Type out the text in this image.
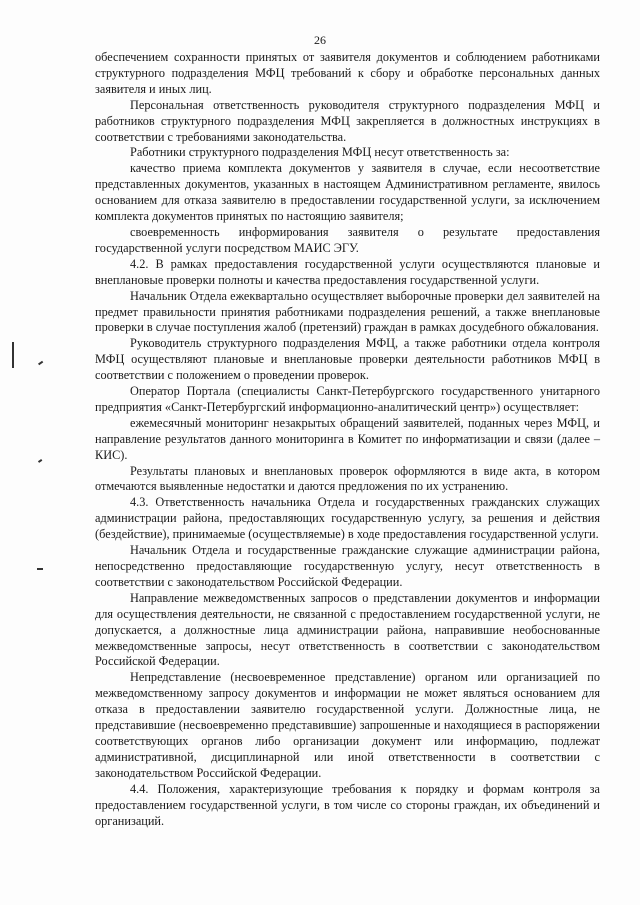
26

обеспечением сохранности принятых от заявителя документов и соблюдением работниками структурного подразделения МФЦ требований к сбору и обработке персональных данных заявителя и иных лиц.

Персональная ответственность руководителя структурного подразделения МФЦ и работников структурного подразделения МФЦ закрепляется в должностных инструкциях в соответствии с требованиями законодательства.

Работники структурного подразделения МФЦ несут ответственность за:

качество приема комплекта документов у заявителя в случае, если несоответствие представленных документов, указанных в настоящем Административном регламенте, явилось основанием для отказа заявителю в предоставлении государственной услуги, за исключением комплекта документов принятых по настоящию заявителя;

своевременность информирования заявителя о результате предоставления государственной услуги посредством МАИС ЭГУ.

4.2. В рамках предоставления государственной услуги осуществляются плановые и внеплановые проверки полноты и качества предоставления государственной услуги.

Начальник Отдела ежеквартально осуществляет выборочные проверки дел заявителей на предмет правильности принятия работниками подразделения решений, а также внеплановые проверки в случае поступления жалоб (претензий) граждан в рамках досудебного обжалования.

Руководитель структурного подразделения МФЦ, а также работники отдела контроля МФЦ осуществляют плановые и внеплановые проверки деятельности работников МФЦ в соответствии с положением о проведении проверок.

Оператор Портала (специалисты Санкт-Петербургского государственного унитарного предприятия «Санкт-Петербургский информационно-аналитический центр») осуществляет:

ежемесячный мониторинг незакрытых обращений заявителей, поданных через МФЦ, и направление результатов данного мониторинга в Комитет по информатизации и связи (далее – КИС).

Результаты плановых и внеплановых проверок оформляются в виде акта, в котором отмечаются выявленные недостатки и даются предложения по их устранению.

4.3. Ответственность начальника Отдела и государственных гражданских служащих администрации района, предоставляющих государственную услугу, за решения и действия (бездействие), принимаемые (осуществляемые) в ходе предоставления государственной услуги.

Начальник Отдела и государственные гражданские служащие администрации района, непосредственно предоставляющие государственную услугу, несут ответственность в соответствии с законодательством Российской Федерации.

Направление межведомственных запросов о представлении документов и информации для осуществления деятельности, не связанной с предоставлением государственной услуги, не допускается, а должностные лица администрации района, направившие необоснованные межведомственные запросы, несут ответственность в соответствии с законодательством Российской Федерации.

Непредставление (несвоевременное представление) органом или организацией по межведомственному запросу документов и информации не может являться основанием для отказа в предоставлении заявителю государственной услуги. Должностные лица, не представившие (несвоевременно представившие) запрошенные и находящиеся в распоряжении соответствующих органов либо организации документ или информацию, подлежат административной, дисциплинарной или иной ответственности в соответствии с законодательством Российской Федерации.

4.4. Положения, характеризующие требования к порядку и формам контроля за предоставлением государственной услуги, в том числе со стороны граждан, их объединений и организаций.
